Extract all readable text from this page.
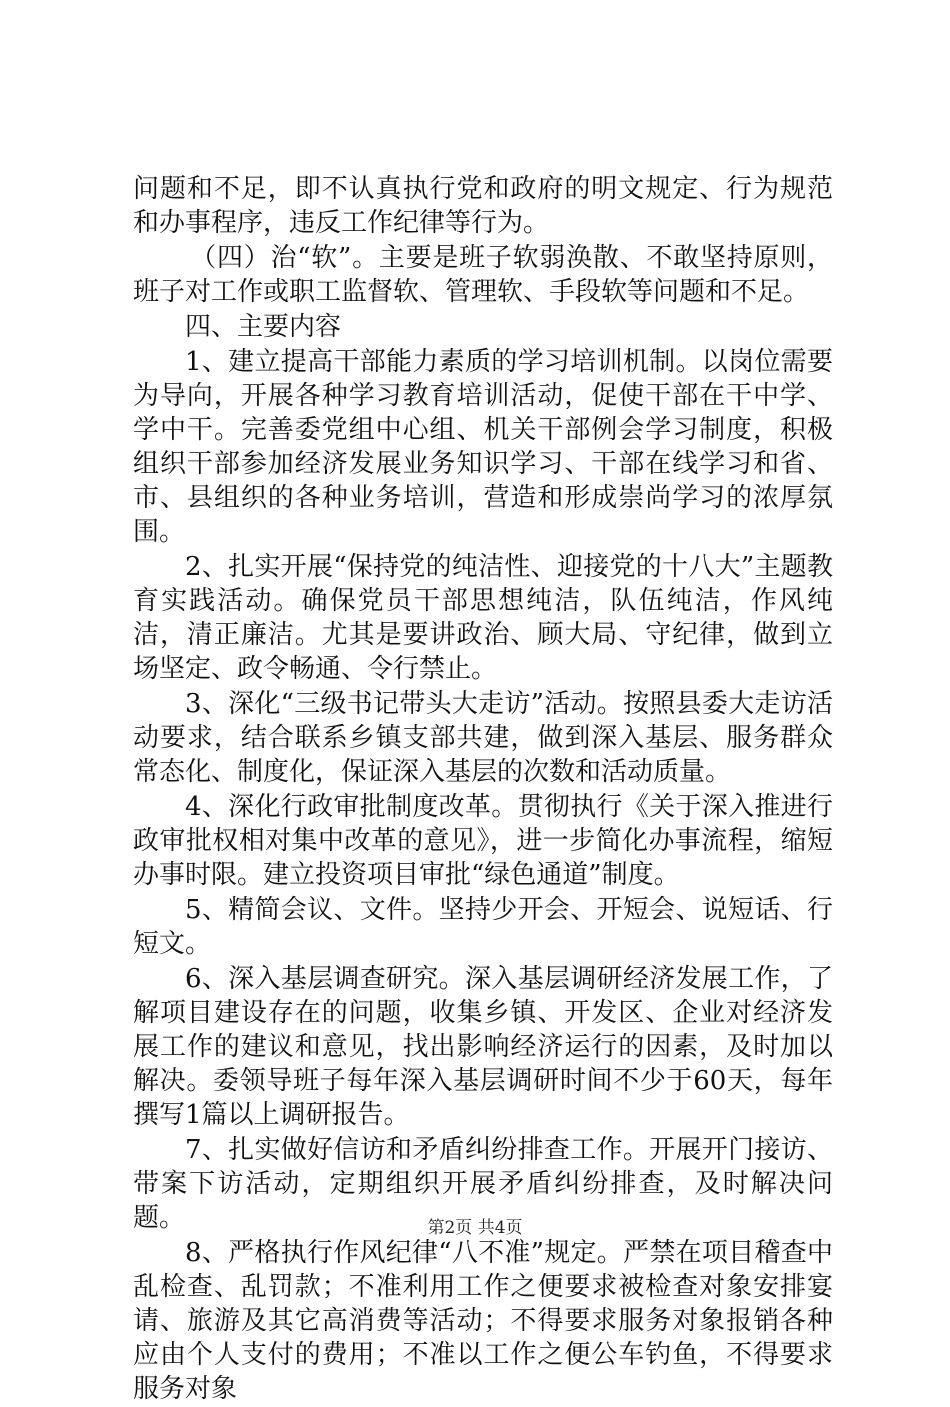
问题和不足，即不认真执行党和政府的明文规定、行为规范和办事程序，违反工作纪律等行为。

（四）治“软”。主要是班子软弱涣散、不敢坚持原则，班子对工作或职工监督软、管理软、手段软等问题和不足。

四、主要内容

1、建立提高干部能力素质的学习培训机制。以岗位需要为导向，开展各种学习教育培训活动，促使干部在干中学、学中干。完善委党组中心组、机关干部例会学习制度，积极组织干部参加经济发展业务知识学习、干部在线学习和省、市、县组织的各种业务培训，营造和形成崇尚学习的浓厚氛围。

2、扎实开展“保持党的纯洁性、迎接党的十八大”主题教育实践活动。确保党员干部思想纯洁，队伍纯洁，作风纯洁，清正廉洁。尤其是要讲政治、顾大局、守纪律，做到立场坚定、政令畅通、令行禁止。

3、深化“三级书记带头大走访”活动。按照县委大走访活动要求，结合联系乡镇支部共建，做到深入基层、服务群众常态化、制度化，保证深入基层的次数和活动质量。

4、深化行政审批制度改革。贯彻执行《关于深入推进行政审批权相对集中改革的意见》，进一步简化办事流程，缩短办事时限。建立投资项目审批“绿色通道”制度。

5、精简会议、文件。坚持少开会、开短会、说短话、行短文。

6、深入基层调查研究。深入基层调研经济发展工作，了解项目建设存在的问题，收集乡镇、开发区、企业对经济发展工作的建议和意见，找出影响经济运行的因素，及时加以解决。委领导班子每年深入基层调研时间不少于60天，每年撰写1篇以上调研报告。

7、扎实做好信访和矛盾纠纷排查工作。开展开门接访、带案下访活动，定期组织开展矛盾纠纷排查，及时解决问题。

8、严格执行作风纪律“八不准”规定。严禁在项目稽查中乱检查、乱罚款；不准利用工作之便要求被检查对象安排宴请、旅游及其它高消费等活动；不得要求服务对象报销各种应由个人支付的费用；不准以工作之便公车钓鱼，不得要求服务对象

第2页 共4页
